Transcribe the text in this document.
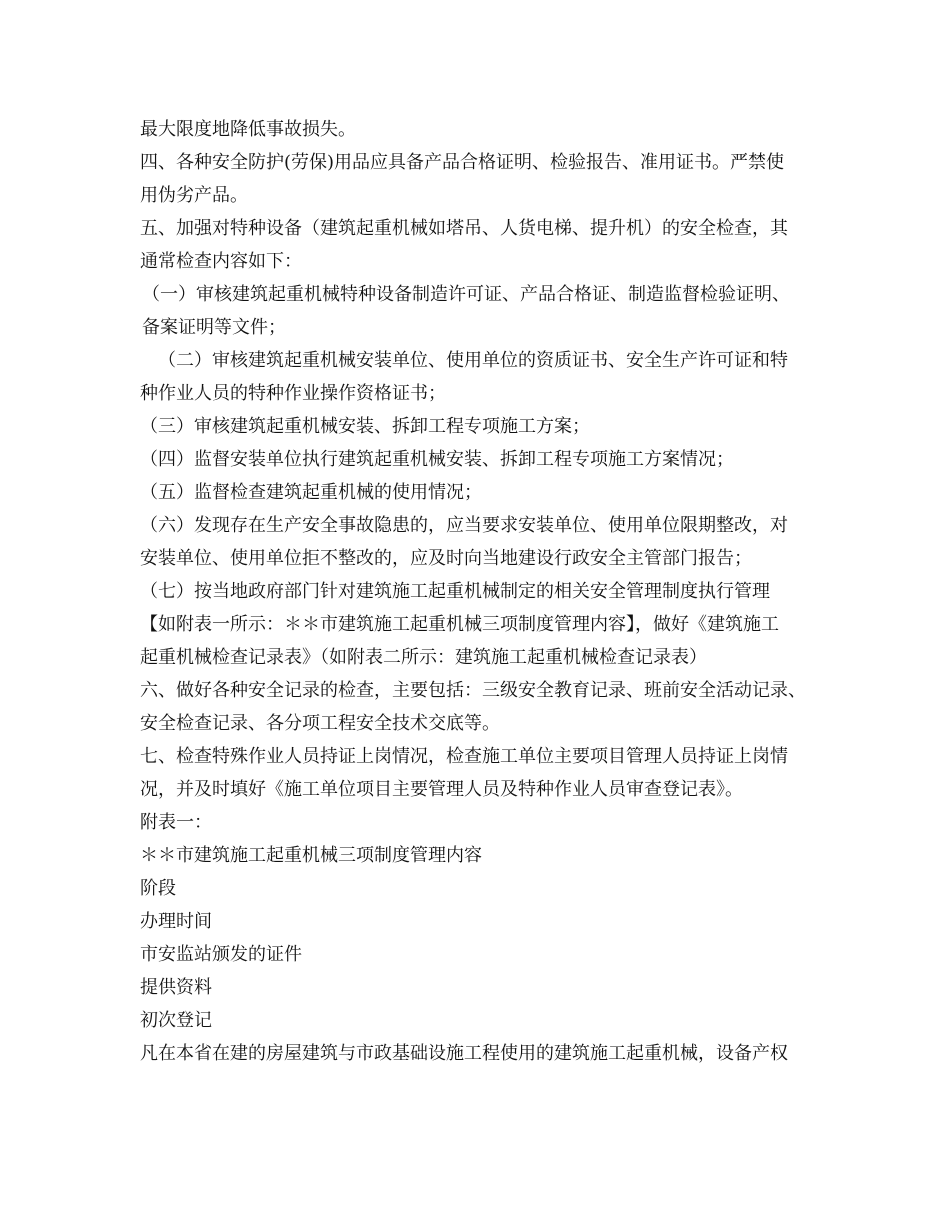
最大限度地降低事故损失。
四、各种安全防护(劳保)用品应具备产品合格证明、检验报告、准用证书。严禁使
用伪劣产品。
五、加强对特种设备（建筑起重机械如塔吊、人货电梯、提升机）的安全检查，其
通常检查内容如下：
（一）审核建筑起重机械特种设备制造许可证、产品合格证、制造监督检验证明、
备案证明等文件；
（二）审核建筑起重机械安装单位、使用单位的资质证书、安全生产许可证和特
种作业人员的特种作业操作资格证书；
（三）审核建筑起重机械安装、拆卸工程专项施工方案；
（四）监督安装单位执行建筑起重机械安装、拆卸工程专项施工方案情况；
（五）监督检查建筑起重机械的使用情况；
（六）发现存在生产安全事故隐患的，应当要求安装单位、使用单位限期整改，对
安装单位、使用单位拒不整改的，应及时向当地建设行政安全主管部门报告；
（七）按当地政府部门针对建筑施工起重机械制定的相关安全管理制度执行管理
【如附表一所示：＊＊市建筑施工起重机械三项制度管理内容】，做好《建筑施工
起重机械检查记录表》（如附表二所示：建筑施工起重机械检查记录表）
六、做好各种安全记录的检查，主要包括：三级安全教育记录、班前安全活动记录、
安全检查记录、各分项工程安全技术交底等。
七、检查特殊作业人员持证上岗情况，检查施工单位主要项目管理人员持证上岗情
况，并及时填好《施工单位项目主要管理人员及特种作业人员审查登记表》。
附表一：
＊＊市建筑施工起重机械三项制度管理内容
阶段
办理时间
市安监站颁发的证件
提供资料
初次登记
凡在本省在建的房屋建筑与市政基础设施工程使用的建筑施工起重机械，设备产权
